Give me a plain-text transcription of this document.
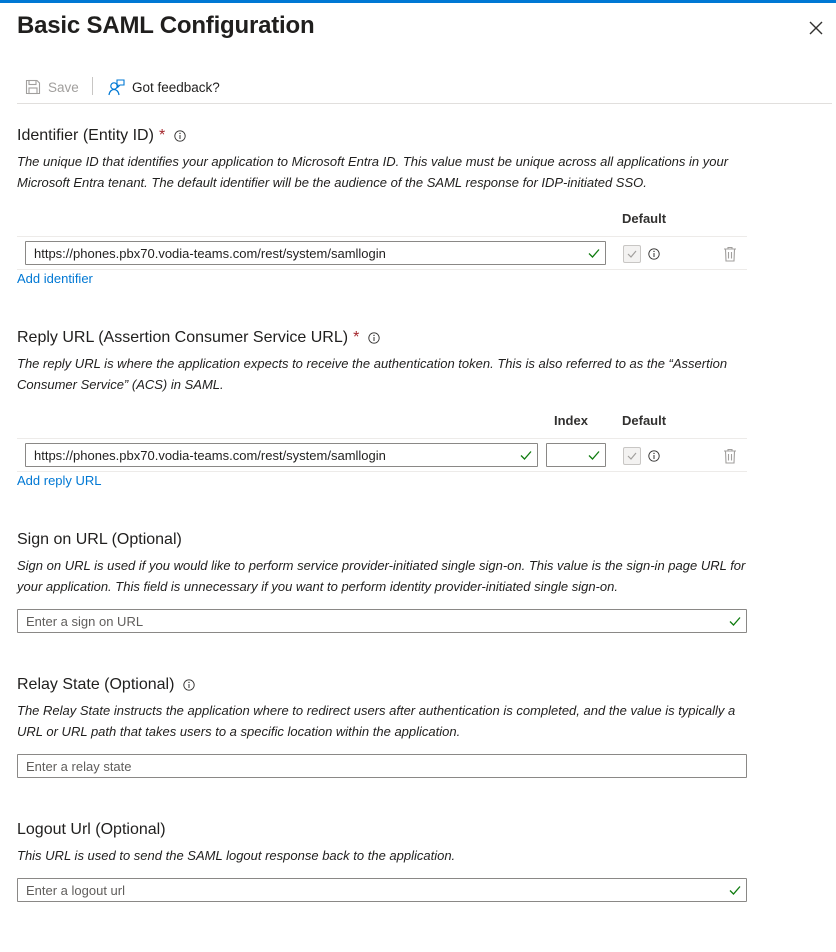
Basic SAML Configuration
Save	Got feedback?
Identifier (Entity ID) *

The unique ID that identifies your application to Microsoft Entra ID. This value must be unique across all applications in your Microsoft Entra tenant. The default identifier will be the audience of the SAML response for IDP-initiated SSO.

Default
https://phones.pbx70.vodia-teams.com/rest/system/samllogin
Add identifier
Reply URL (Assertion Consumer Service URL) *

The reply URL is where the application expects to receive the authentication token. This is also referred to as the “Assertion Consumer Service” (ACS) in SAML.

Index	Default
https://phones.pbx70.vodia-teams.com/rest/system/samllogin
Add reply URL
Sign on URL (Optional)

Sign on URL is used if you would like to perform service provider-initiated single sign-on. This value is the sign-in page URL for your application. This field is unnecessary if you want to perform identity provider-initiated single sign-on.

Enter a sign on URL
Relay State (Optional)

The Relay State instructs the application where to redirect users after authentication is completed, and the value is typically a URL or URL path that takes users to a specific location within the application.

Enter a relay state
Logout Url (Optional)

This URL is used to send the SAML logout response back to the application.

Enter a logout url
